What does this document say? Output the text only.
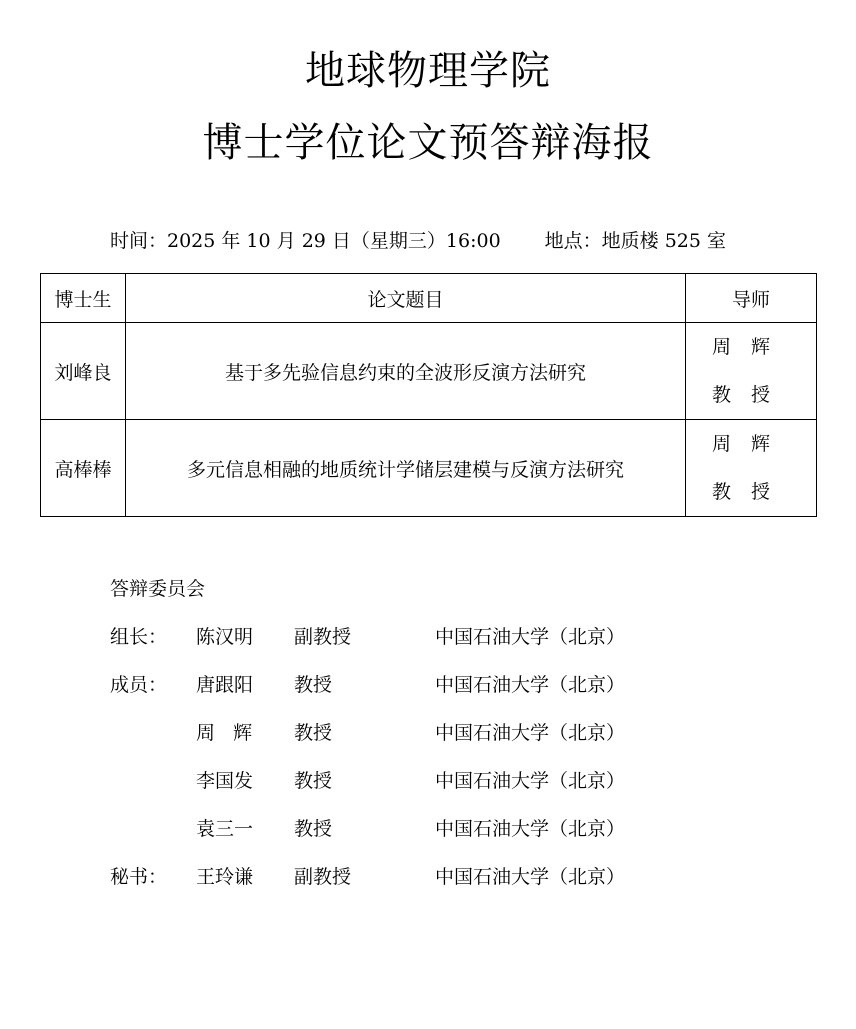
地球物理学院
博士学位论文预答辩海报
时间：2025 年 10 月 29 日（星期三）16:00 地点：地质楼 525 室
博士生	论文题目	导师
刘峰良	基于多先验信息约束的全波形反演方法研究	周辉
教授

高棒棒	多元信息相融的地质统计学储层建模与反演方法研究	周辉
教授
答辩委员会
组长： 陈汉明 副教授	中国石油大学（北京）
成员： 唐跟阳 教授	中国石油大学（北京）
周   辉 教授	中国石油大学（北京）
李国发 教授	中国石油大学（北京）
袁三一 教授	中国石油大学（北京）
秘书： 王玲谦 副教授	中国石油大学（北京）
